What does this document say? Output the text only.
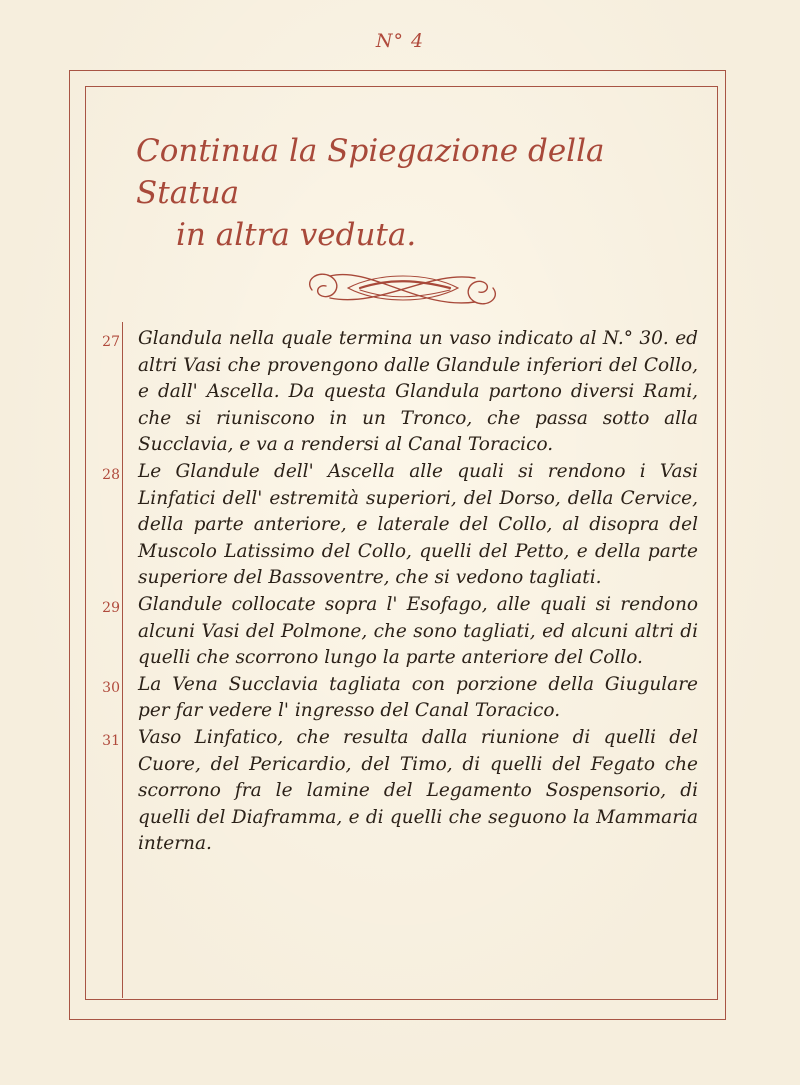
N° 4
Continua la Spiegazione della Statua
in altra veduta.
27 Glandula nella quale termina un vaso indicato al N.° 30. ed altri Vasi che provengono dalle Glandule inferiori del Collo, e dall' Ascella. Da questa Glandula partono diversi Rami, che si riuniscono in un Tronco, che passa sotto alla Succlavia, e va a rendersi al Canal Toracico.
28 Le Glandule dell' Ascella alle quali si rendono i Vasi Linfatici dell' estremità superiori, del Dorso, della Cervice, della parte anteriore, e laterale del Collo, al disopra del Muscolo Latissimo del Collo, quelli del Petto, e della parte superiore del Bassoventre, che si vedono tagliati.
29 Glandule collocate sopra l' Esofago, alle quali si rendono alcuni Vasi del Polmone, che sono tagliati, ed alcuni altri di quelli che scorrono lungo la parte anteriore del Collo.
30 La Vena Succlavia tagliata con porzione della Giugulare per far vedere l' ingresso del Canal Toracico.
31 Vaso Linfatico, che resulta dalla riunione di quelli del Cuore, del Pericardio, del Timo, di quelli del Fegato che scorrono fra le lamine del Legamento Sospensorio, di quelli del Diaframma, e di quelli che seguono la Mammaria interna.
